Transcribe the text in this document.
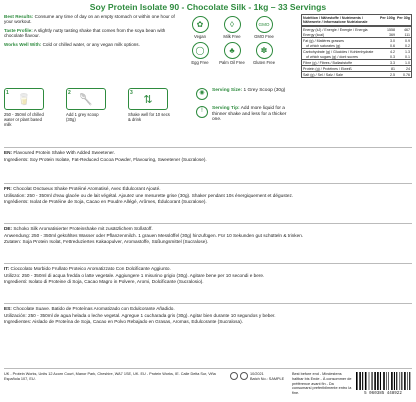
Soy Protein Isolate 90 - Chocolate Silk - 1kg – 33 Servings

Best Results: Consume any time of day on an empty stomach or within one hour of your workout.

Taste Profile: A slightly nutty tasting shake that comes from the soya bean with chocolate flavour.

Works Well With: Cold or chilled water, or any vegan milk options.

✿
Vegan
◊
Milk Free
GMO
GMO Free
◯
Egg Free
♣
Palm Oil Free
✽
Gluten Free
Nutrition / Nährstoffe / Nutriments / Nährwerte / Informazione Nutrizionale
Per 100g Per 30g
Energy (kJ) / Energie / Énergie / Energia	1558	467
Energy (kcal)	369	111
Fat (g) / Matières grasses	3.0	0.9
of which saturates (g)	0.6	0.2
Carbohydrate (g) / Glucides / Kohlenhydrate	4.2	1.3
of which sugars (g) / dont sucres	0.3	0.1
Fibre (g) / Fibres / Ballaststoffe	3.3	1.0
Protein (g) / Protéines / Eiweiß	81	24
Salt (g) / Sel / Salz / Sale	2.5	0.76
1
🥛
250 - 350ml of chilled water or plant based milk
2
🥄
Add 1 grey scoop (30g)
3
⇅
Shake well for 10 secs & drink
◉	Serving Size: 1 Grey Scoop (30g)
!	Serving Tip: Add more liquid for a thinner shake and less for a thicker one.
EN: Flavoured Protein Shake With Added Sweetener.
Ingredients: Soy Protein Isolate, Fat-Reduced Cocoa Powder, Flavouring, Sweetener (Sucralose).
FR: Chocolat Onctueux Shake Protéiné Aromatisé, Avec Édulcorant Ajouté.
Utilisation: 250 - 350ml d'eau glacée ou de lait végétal. Ajoutez une mesurette grise (30g). Shaker pendant 10s énergiquement et dégustez.
Ingrédients: Isolat de Protéine de Soja, Cacao en Poudre Allégé, Arômes, Édulcorant (Sucralose).
DE: Schoko Silk Aromatisierter Proteinshake mit zusätzlichem Süßstoff.
Anwendung: 250 - 350ml gekühltes Wasser oder Pflanzenmilch. 1 grauen Messlöffel (30g) hinzufügen. Für 10 Sekunden gut schütteln & trinken.
Zutaten: Soja Protein Isolat, Fettreduziertes Kakaopulver, Aromastoffe, Süßungsmittel (Sucralose).
IT: Cioccolato Morbido Frullato Proteico Aromatizzato Con Dolcificante Aggiunto.
Utilizzo: 250 - 350ml di acqua fredda o latte vegetale. Aggiungere 1 misurino grigio (30g). Agitare bene per 10 secondi e bere.
Ingredienti: Isolato di Proteine di Soja, Cacao Magro in Polvere, Aromi, Dolcificante (Sucralosio).
ES: Chocolate Suave. Batido de Proteínas Aromatizado con Edulcorante Añadido.
Utilización: 250 - 350ml de agua helada o leche vegetal. Agregue 1 cucharada gris (30g). Agitar bien durante 10 segundos y beber.
Ingredientes: Aislado de Proteína de Soja, Cacao en Polvo Rebajado en Grasas, Aromas, Edulcorante (Sucralosa).
UK - Protein Works, Units 12 Acorn Court, Manor Park, Cheshire, WA7 1SE, UK. EU - Protein Works, IE. Calle Delta Sur, Viña Española 107, EU.
10/2021
Batch No.: SAMPLE
Best before end - Mindestens haltbar bis Ende - À consommer de préférence avant fin - Da consumarsi preferibilmente entro la fine.	5 060385 448922
